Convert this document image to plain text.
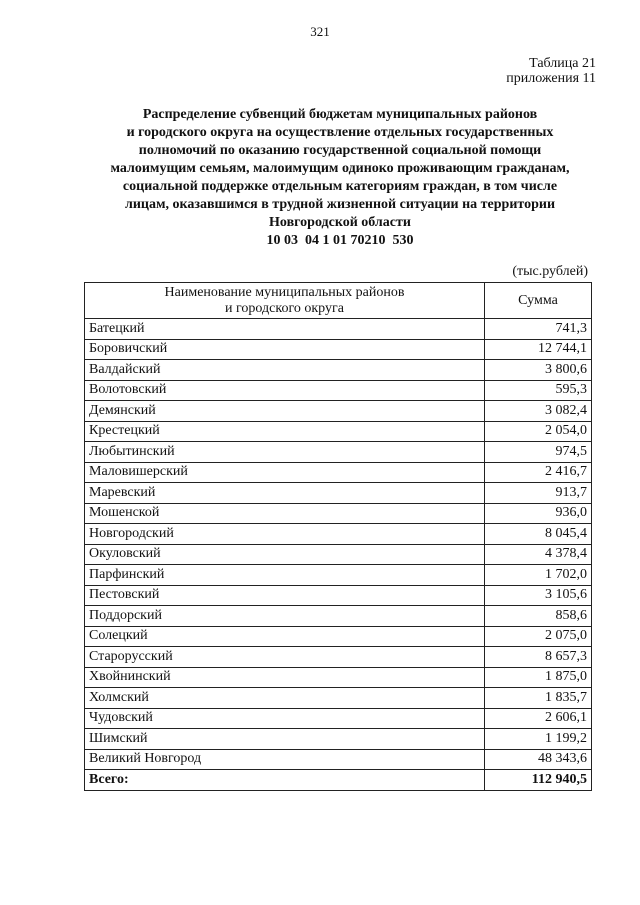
321
Таблица 21
приложения 11
Распределение субвенций бюджетам муниципальных районов
и городского округа на осуществление отдельных государственных
полномочий по оказанию государственной социальной помощи
малоимущим семьям, малоимущим одиноко проживающим гражданам,
социальной поддержке отдельным категориям граждан, в том числе
лицам, оказавшимся в трудной жизненной ситуации на территории
Новгородской области
10 03  04 1 01 70210  530
(тыс.рублей)
Наименование муниципальных районов
и городского округа	Сумма
Батецкий	741,3
Боровичский	12 744,1
Валдайский	3 800,6
Волотовский	595,3
Демянский	3 082,4
Крестецкий	2 054,0
Любытинский	974,5
Маловишерский	2 416,7
Маревский	913,7
Мошенской	936,0
Новгородский	8 045,4
Окуловский	4 378,4
Парфинский	1 702,0
Пестовский	3 105,6
Поддорский	858,6
Солецкий	2 075,0
Старорусский	8 657,3
Хвойнинский	1 875,0
Холмский	1 835,7
Чудовский	2 606,1
Шимский	1 199,2
Великий Новгород	48 343,6
Всего:	112 940,5
